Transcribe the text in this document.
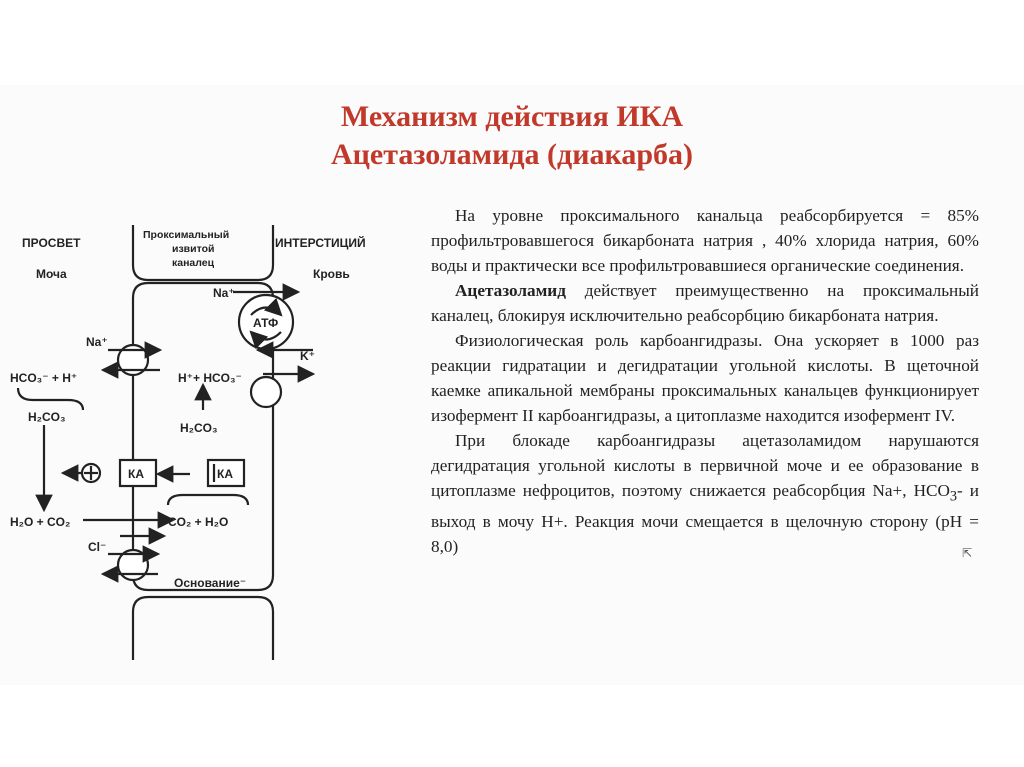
Механизм действия ИКА
Ацетазоламида (диакарба)
ПРОСВЕТ
Моча
Проксимальный
извитой
каналец
ИНТЕРСТИЦИЙ
Кровь
Na⁺
АТФ
K⁺
Na⁺
HCO₃⁻ + H⁺	H⁺+ HCO₃⁻
H₂CO₃
H₂CO₃
КА	КА
H₂O + CO₂	CO₂ + H₂O
Cl⁻
Основание⁻

На уровне проксимального канальца реабсорбируется = 85% профильтровавшегося бикарбоната натрия , 40% хлорида натрия, 60% воды и практически все профильтровавшиеся органические соединения.

Ацетазоламид действует преимущественно на проксимальный каналец, блокируя исключительно реабсорбцию бикарбоната натрия.

Физиологическая роль карбоангидразы. Она ускоряет в 1000 раз реакции гидратации и дегидратации угольной кислоты. В щеточной каемке апикальной мембраны проксимальных канальцев функционирует изофермент II карбоангидразы, а цитоплазме находится изофермент IV.

При блокаде карбоангидразы ацетазоламидом нарушаются дегидратация угольной кислоты в первичной моче и ее образование в цитоплазме нефроцитов, поэтому снижается реабсорбция Na+, $HCO_3-$ и выход в мочу H+. Реакция мочи смещается в щелочную сторону (pH = 8,0)	⇱
